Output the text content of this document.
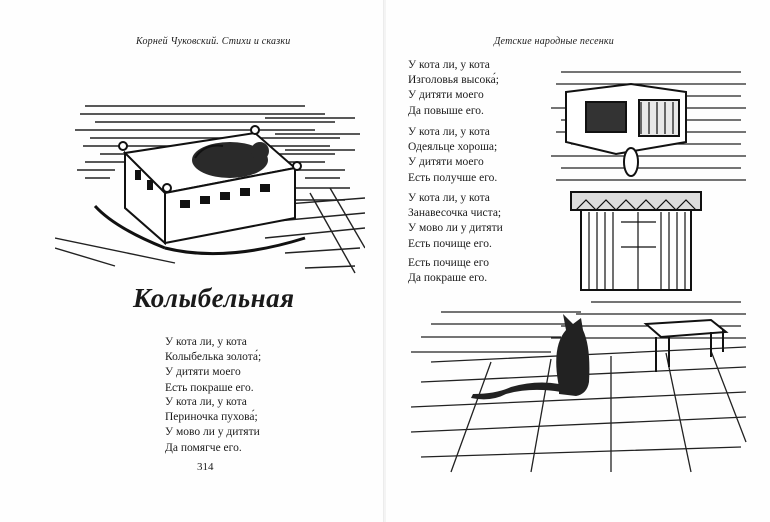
Корней Чуковский. Стихи и сказки
Колыбельная
У кота ли, у кота
Колыбелька золота́;
У дитяти моего
Есть покраше его.
У кота ли, у кота
Периночка пухова́;
У мово ли у дитяти
Да помягче его.
314
Детские народные песенки
У кота ли, у кота
Изголовья высока́;
У дитяти моего
Да повыше его.
У кота ли, у кота
Одеяльце хороша;
У дитяти моего
Есть получше его.
У кота ли, у кота
Занавесочка чиста;
У мово ли у дитяти
Есть почище его.
Есть почище его
Да покраше его.
